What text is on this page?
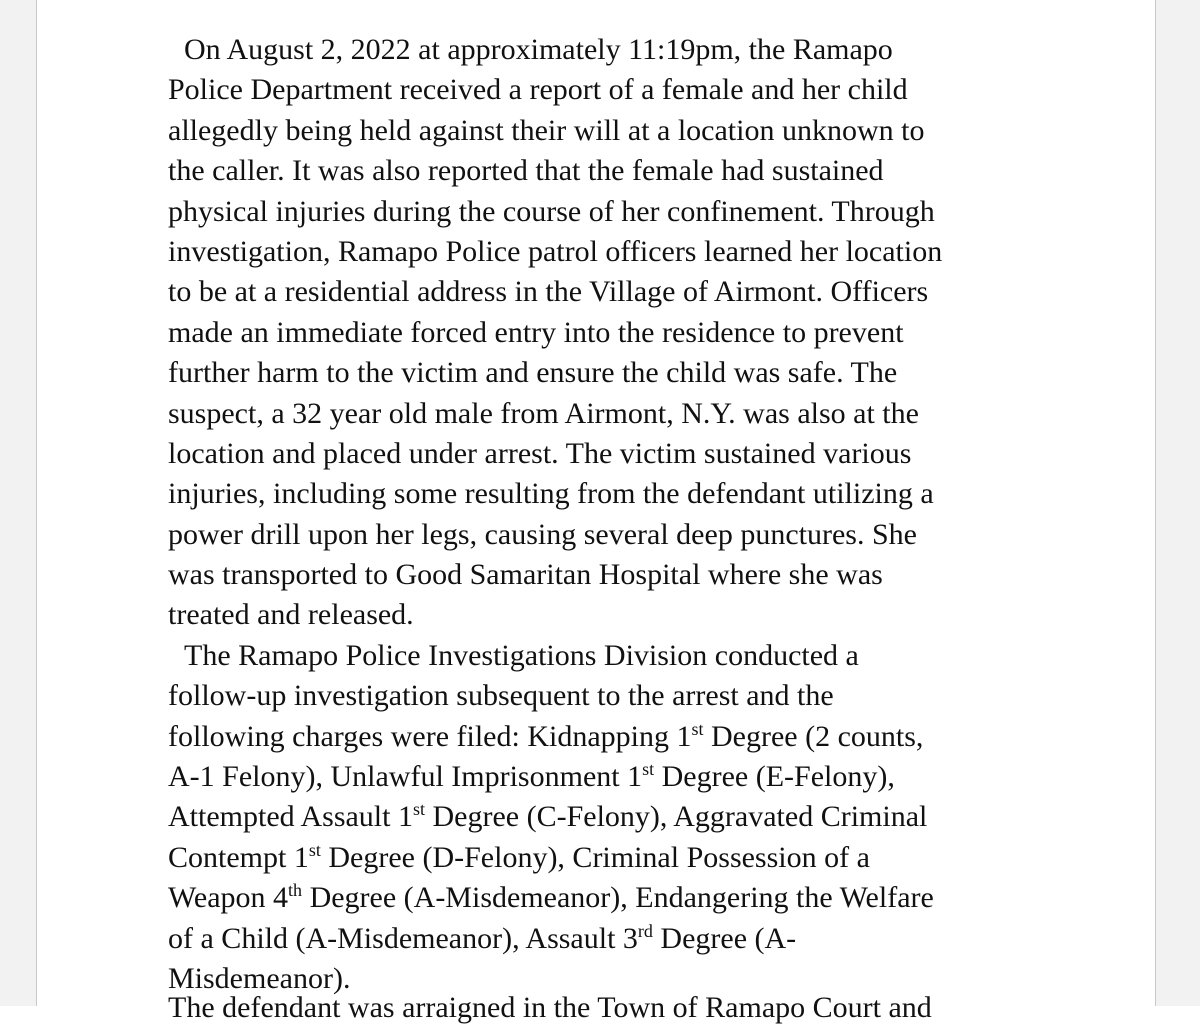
On August 2, 2022 at approximately 11:19pm, the Ramapo
Police Department received a report of a female and her child
allegedly being held against their will at a location unknown to
the caller. It was also reported that the female had sustained
physical injuries during the course of her confinement. Through
investigation, Ramapo Police patrol officers learned her location
to be at a residential address in the Village of Airmont. Officers
made an immediate forced entry into the residence to prevent
further harm to the victim and ensure the child was safe. The
suspect, a 32 year old male from Airmont, N.Y. was also at the
location and placed under arrest. The victim sustained various
injuries, including some resulting from the defendant utilizing a
power drill upon her legs, causing several deep punctures. She
was transported to Good Samaritan Hospital where she was
treated and released.
The Ramapo Police Investigations Division conducted a
follow-up investigation subsequent to the arrest and the
following charges were filed: Kidnapping 1st Degree (2 counts,
A-1 Felony), Unlawful Imprisonment 1st Degree (E-Felony),
Attempted Assault 1st Degree (C-Felony), Aggravated Criminal
Contempt 1st Degree (D-Felony), Criminal Possession of a
Weapon 4th Degree (A-Misdemeanor), Endangering the Welfare
of a Child (A-Misdemeanor), Assault 3rd Degree (A-
Misdemeanor).
The defendant was arraigned in the Town of Ramapo Court and
